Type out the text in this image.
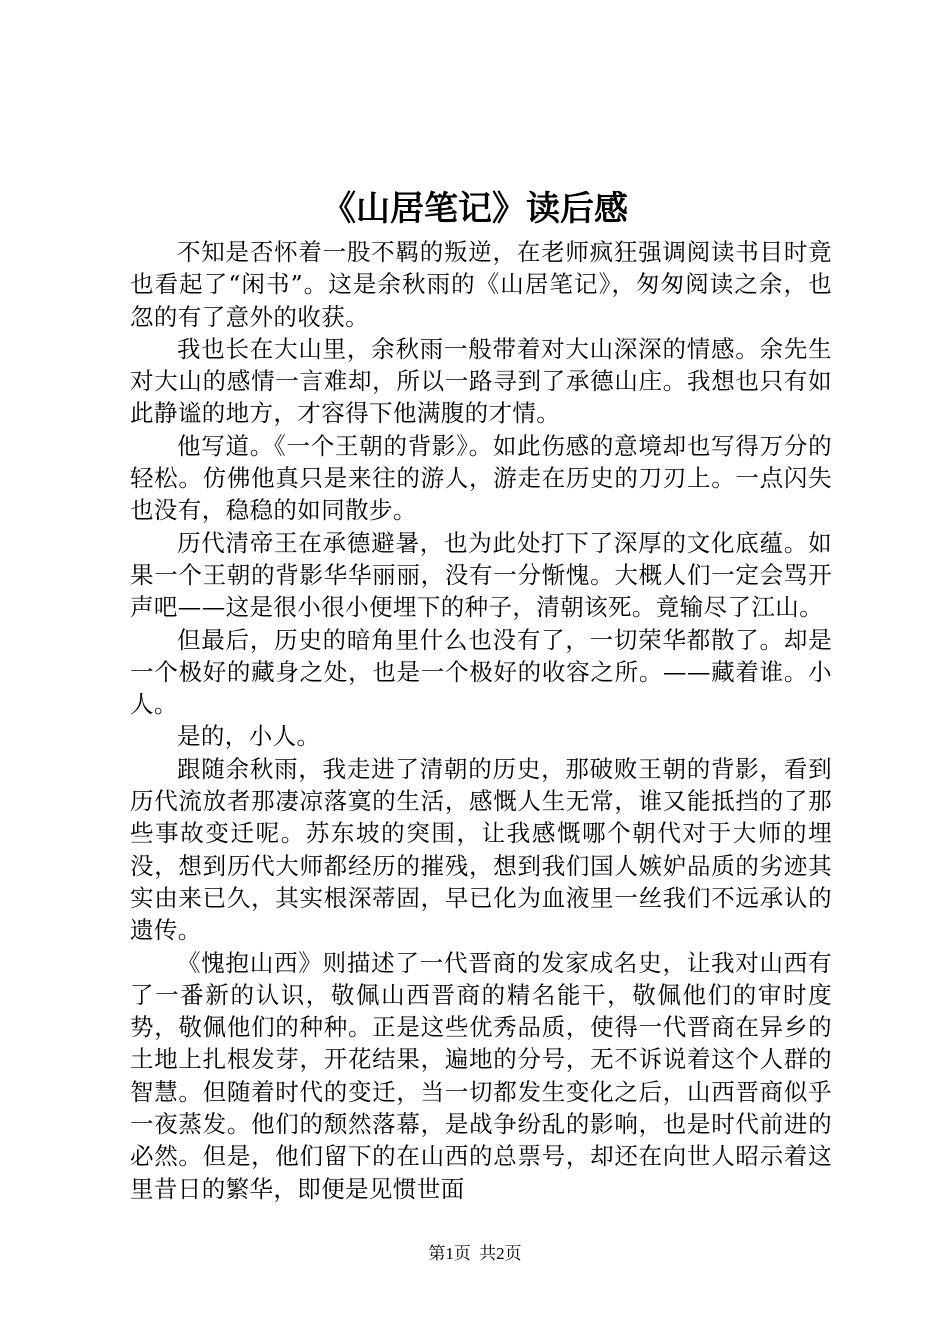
《山居笔记》读后感

不知是否怀着一股不羁的叛逆，在老师疯狂强调阅读书目时竟也看起了“闲书”。这是余秋雨的《山居笔记》，匆匆阅读之余，也忽的有了意外的收获。

我也长在大山里，余秋雨一般带着对大山深深的情感。余先生对大山的感情一言难却，所以一路寻到了承德山庄。我想也只有如此静谧的地方，才容得下他满腹的才情。

他写道。《一个王朝的背影》。如此伤感的意境却也写得万分的轻松。仿佛他真只是来往的游人，游走在历史的刀刃上。一点闪失也没有，稳稳的如同散步。

历代清帝王在承德避暑，也为此处打下了深厚的文化底蕴。如果一个王朝的背影华华丽丽，没有一分惭愧。大概人们一定会骂开声吧——这是很小很小便埋下的种子，清朝该死。竟输尽了江山。

但最后，历史的暗角里什么也没有了，一切荣华都散了。却是一个极好的藏身之处，也是一个极好的收容之所。——藏着谁。小人。

是的，小人。

跟随余秋雨，我走进了清朝的历史，那破败王朝的背影，看到历代流放者那凄凉落寞的生活，感慨人生无常，谁又能抵挡的了那些事故变迁呢。苏东坡的突围，让我感慨哪个朝代对于大师的埋没，想到历代大师都经历的摧残，想到我们国人嫉妒品质的劣迹其实由来已久，其实根深蒂固，早已化为血液里一丝我们不远承认的遗传。

《愧抱山西》则描述了一代晋商的发家成名史，让我对山西有了一番新的认识，敬佩山西晋商的精名能干，敬佩他们的审时度势，敬佩他们的种种。正是这些优秀品质，使得一代晋商在异乡的土地上扎根发芽，开花结果，遍地的分号，无不诉说着这个人群的智慧。但随着时代的变迁，当一切都发生变化之后，山西晋商似乎一夜蒸发。他们的颓然落幕，是战争纷乱的影响，也是时代前进的必然。但是，他们留下的在山西的总票号，却还在向世人昭示着这里昔日的繁华，即便是见惯世面

第1页 共2页
